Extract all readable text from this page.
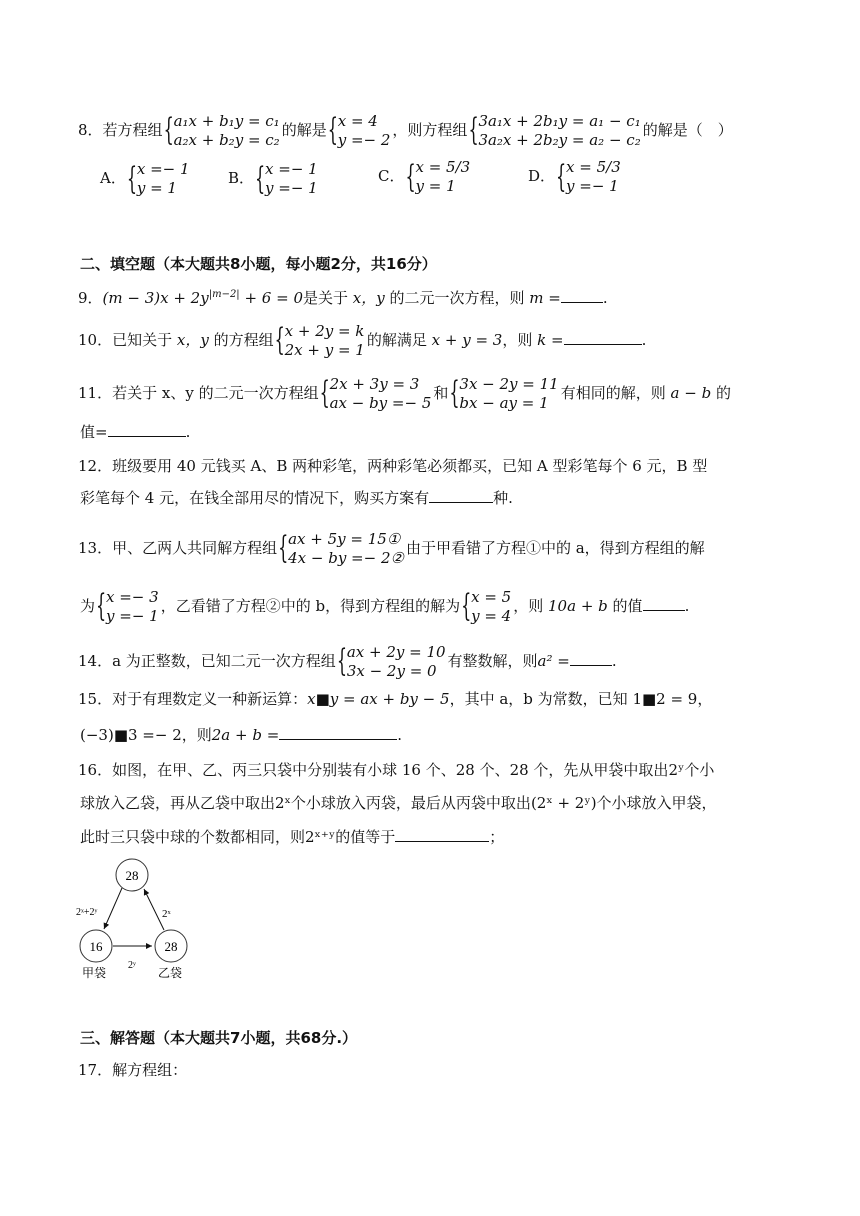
8．若方程组 { a₁x + b₁y = c₁
a₂x + b₂y = c₂
的解是 { x = 4
y =− 2
，则方程组 { 3a₁x + 2b₁y = a₁ − c₁
3a₂x + 2b₂y = a₂ − c₂
的解是（　）
A． { x =− 1
y = 1
B． { x =− 1
y =− 1
C． { x = 5/3
y = 1
D． { x = 5/3
y =− 1
二、填空题（本大题共8小题，每小题2分，共16分）
9．$(m - 3)x + 2y^{|m-2|} + 6 = 0$是关于 x，y 的二元一次方程，则 m =	.
10．已知关于 x，y 的方程组 { x + 2y = k
2x + y = 1
的解满足 x + y = 3，则 k =	.
11．若关于 x、y 的二元一次方程组 { 2x + 3y = 3
ax − by =− 5
和 { 3x − 2y = 11
bx − ay = 1
有相同的解，则 a − b 的
值=	.
12．班级要用 40 元钱买 A、B 两种彩笔，两种彩笔必须都买，已知 A 型彩笔每个 6 元，B 型
彩笔每个 4 元，在钱全部用尽的情况下，购买方案有	种.
13．甲、乙两人共同解方程组 { ax + 5y = 15①
4x − by =− 2②
由于甲看错了方程①中的 a，得到方程组的解
为 { x =− 3
y =− 1
，乙看错了方程②中的 b，得到方程组的解为 { x = 5
y = 4
，则 10a + b 的值	.
14．a 为正整数，已知二元一次方程组 { ax + 2y = 10
3x − 2y = 0
有整数解，则a² =	.
15．对于有理数定义一种新运算：x■y = ax + by − 5，其中 a，b 为常数，已知 1■2 = 9，
(−3)■3 =− 2，则2a + b =	.
16．如图，在甲、乙、丙三只袋中分别装有小球 16 个、28 个、28 个，先从甲袋中取出2ʸ个小
球放入乙袋，再从乙袋中取出2ˣ个小球放入丙袋，最后从丙袋中取出(2ˣ + 2ʸ)个小球放入甲袋，
此时三只袋中球的个数都相同，则2ˣ⁺ʸ的值等于	；
28
16	28
2ˣ+2ʸ	2ˣ
2ʸ
甲袋	乙袋
三、解答题（本大题共7小题，共68分.）
17．解方程组：
